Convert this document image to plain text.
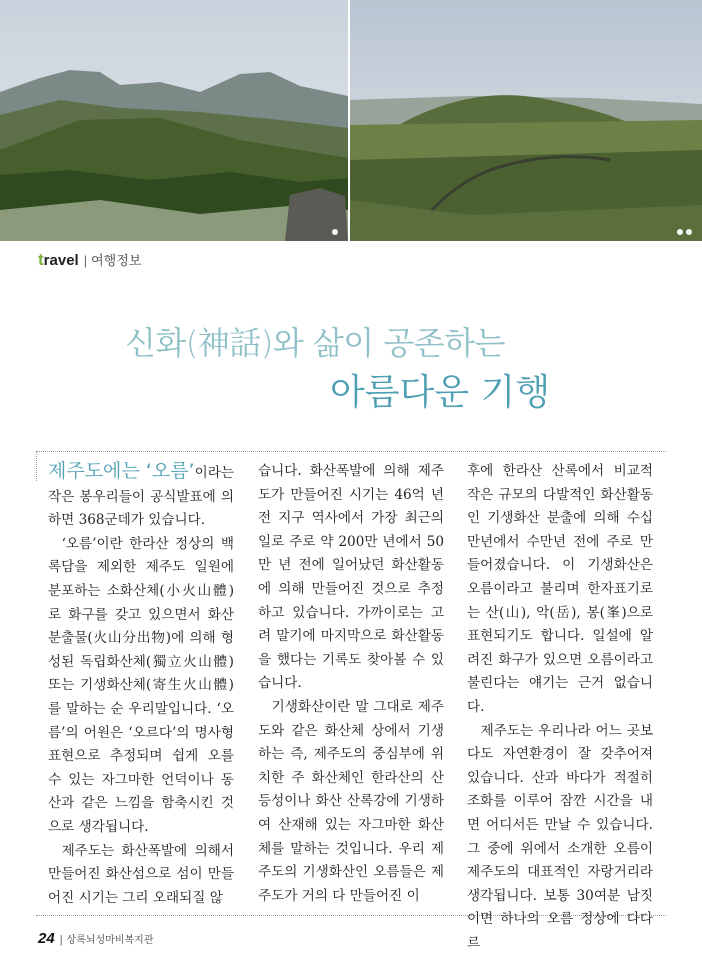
t ravel | 여행정보
신화(神話)와 삶이 공존하는
아름다운 기행

제주도에는 ‘오름’이라는 작은 봉우리들이 공식발표에 의하면 368군데가 있습니다.

‘오름’이란 한라산 정상의 백록담을 제외한 제주도 일원에 분포하는 소화산체(小火山體)로 화구를 갖고 있으면서 화산분출물(火山分出物)에 의해 형성된 독립화산체(獨立火山體) 또는 기생화산체(寄生火山體)를 말하는 순 우리말입니다. ‘오름’의 어원은 ‘오르다’의 명사형 표현으로 추정되며 쉽게 오를 수 있는 자그마한 언덕이나 동산과 같은 느낌을 함축시킨 것으로 생각됩니다.

제주도는 화산폭발에 의해서 만들어진 화산섬으로 섬이 만들어진 시기는 그리 오래되질 않

습니다. 화산폭발에 의해 제주도가 만들어진 시기는 46억 년 전 지구 역사에서 가장 최근의 일로 주로 약 200만 년에서 50만 년 전에 일어났던 화산활동에 의해 만들어진 것으로 추정하고 있습니다. 가까이로는 고려 말기에 마지막으로 화산활동을 했다는 기록도 찾아볼 수 있습니다.

기생화산이란 말 그대로 제주도와 같은 화산체 상에서 기생하는 즉, 제주도의 중심부에 위치한 주 화산체인 한라산의 산등성이나 화산 산록강에 기생하여 산재해 있는 자그마한 화산체를 말하는 것입니다. 우리 제주도의 기생화산인 오름들은 제주도가 거의 다 만들어진 이

후에 한라산 산록에서 비교적 작은 규모의 다발적인 화산활동인 기생화산 분출에 의해 수십 만년에서 수만년 전에 주로 만들어졌습니다. 이 기생화산은 오름이라고 불리며 한자표기로는 산(山), 악(岳), 봉(峯)으로 표현되기도 합니다. 일설에 알려진 화구가 있으면 오름이라고 불린다는 얘기는 근거 없습니다.

제주도는 우리나라 어느 곳보다도 자연환경이 잘 갖추어져 있습니다. 산과 바다가 적절히 조화를 이루어 잠깐 시간을 내면 어디서든 만날 수 있습니다. 그 중에 위에서 소개한 오름이 제주도의 대표적인 자랑거리라 생각됩니다. 보통 30여분 남짓이면 하나의 오름 정상에 다다르

24 | 상록뇌성마비복지관
